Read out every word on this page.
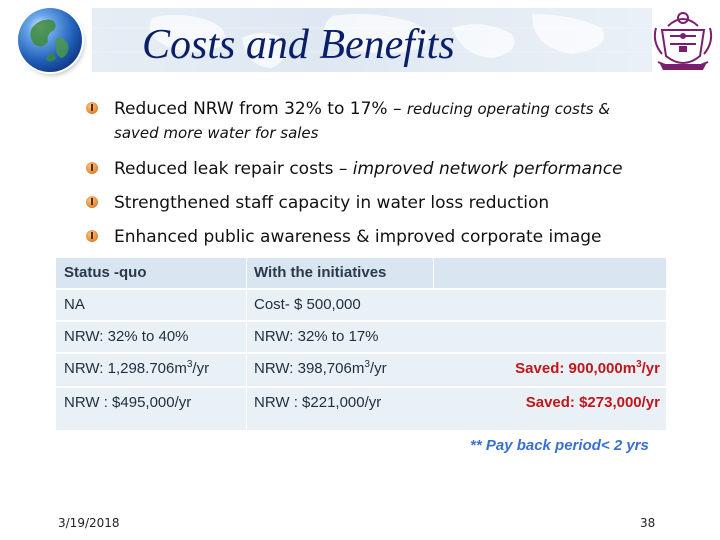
Costs and Benefits
Reduced NRW from 32% to 17% – reducing operating costs &
saved more water for sales
Reduced leak repair costs – improved network performance
Strengthened staff capacity in water loss reduction
Enhanced public awareness & improved corporate image
Status -quo	With the initiatives
NA	Cost- $ 500,000
NRW: 32% to 40%	NRW: 32% to 17%
NRW: $1,298.706m^3/yr$	NRW: $398,706m^3/yr$	Saved: $900,000m^3/yr$
NRW : $495,000/yr	NRW : $221,000/yr	Saved: $273,000/yr
** Pay back period< 2 yrs
3/19/2018	38
